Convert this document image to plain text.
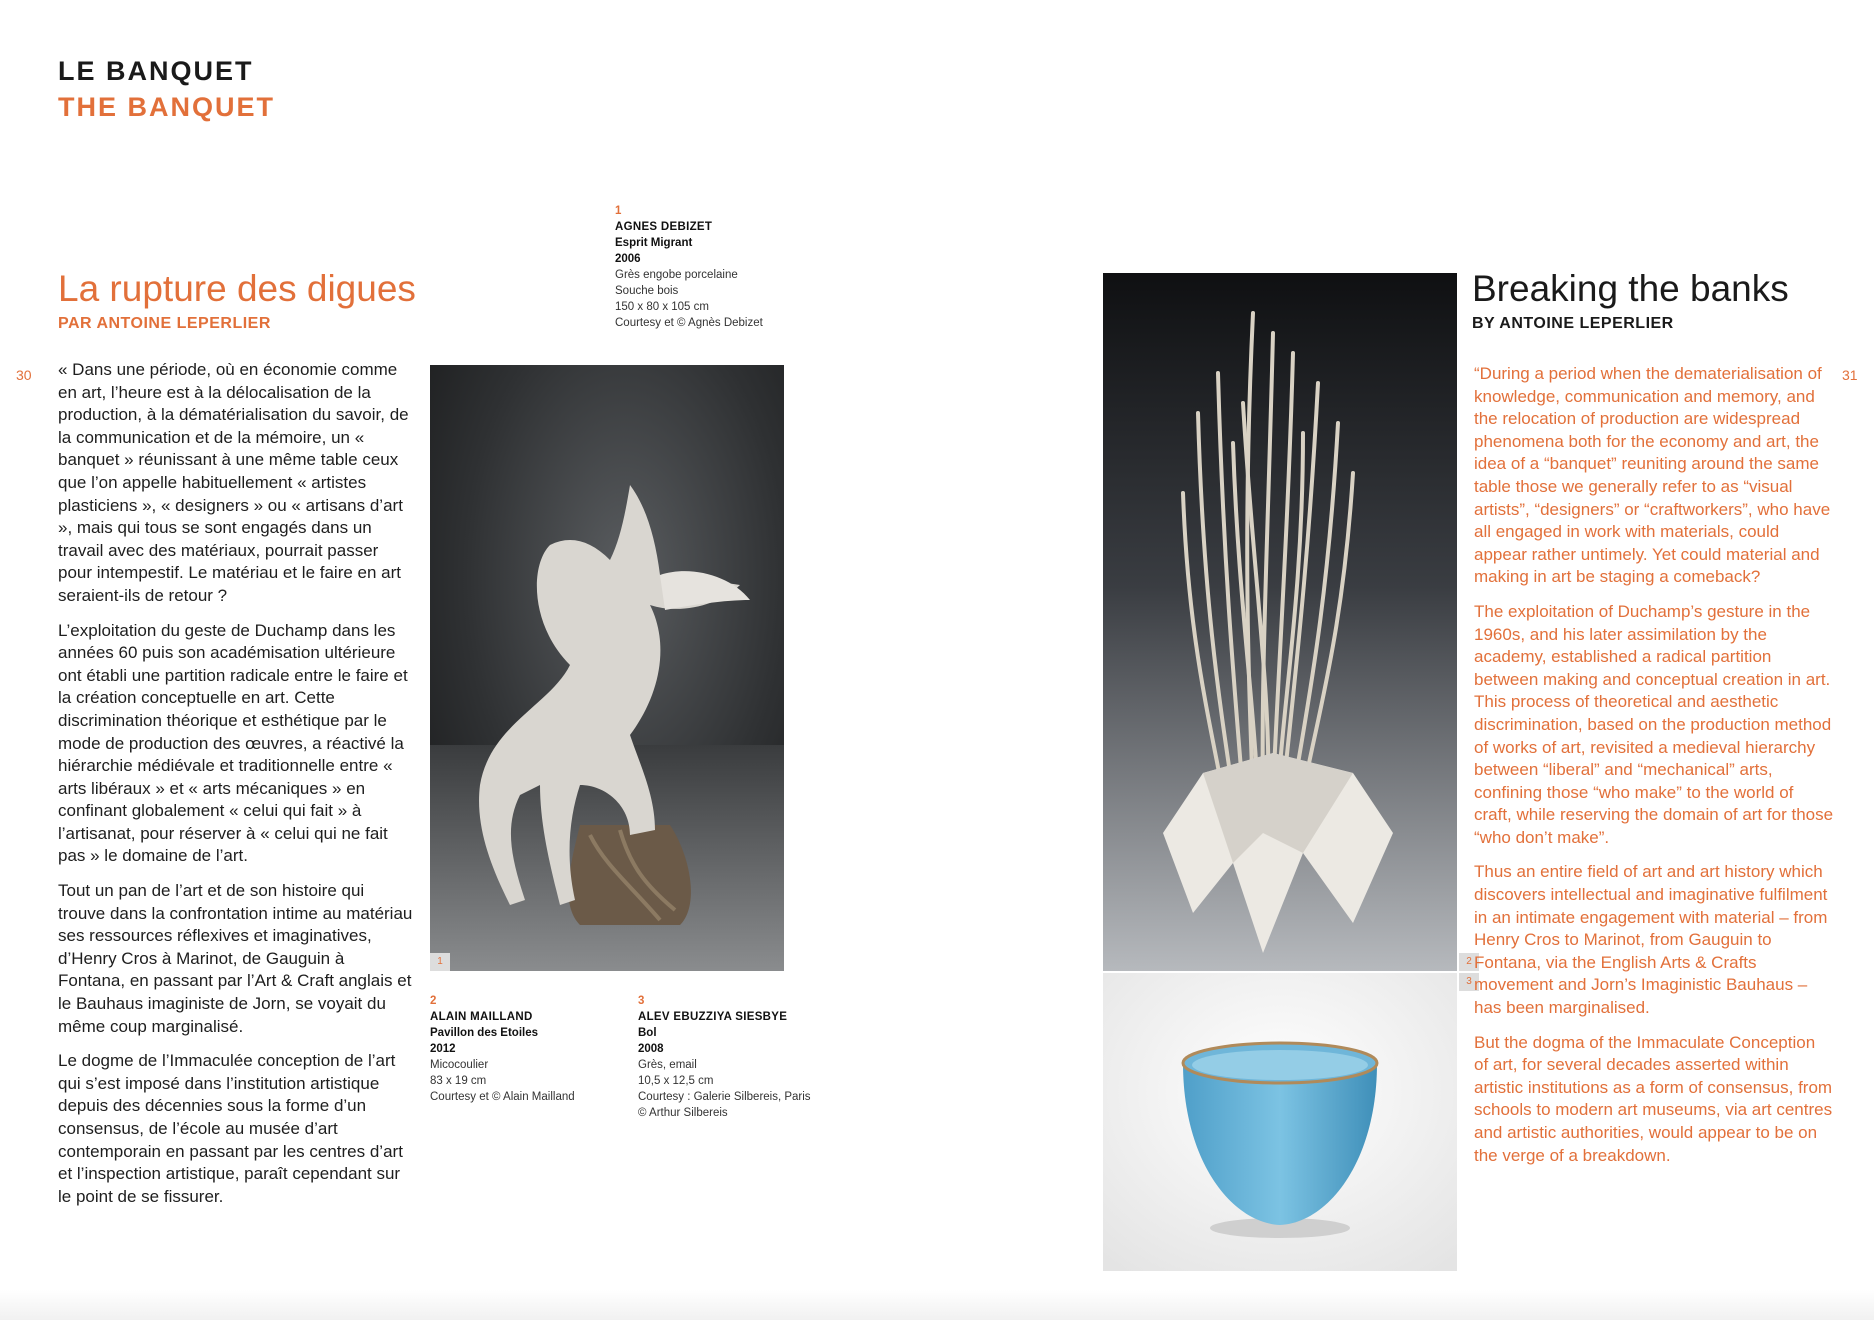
LE BANQUET
THE BANQUET
30	31
La rupture des digues
PAR ANTOINE LEPERLIER

« Dans une période, où en économie comme en art, l’heure est à la délocalisation de la production, à la dématérialisation du savoir, de la communication et de la mémoire, un « banquet » réunissant à une même table ceux que l’on appelle habituellement « artistes plasticiens », « designers » ou « artisans d’art », mais qui tous se sont engagés dans un travail avec des matériaux, pourrait passer pour intempestif. Le matériau et le faire en art seraient-ils de retour ?

L’exploitation du geste de Duchamp dans les années 60 puis son académisation ultérieure ont établi une partition radicale entre le faire et la création conceptuelle en art. Cette discrimination théorique et esthétique par le mode de production des œuvres, a réactivé la hiérarchie médiévale et traditionnelle entre « arts libéraux » et « arts mécaniques » en confinant globalement « celui qui fait » à l’artisanat, pour réserver à « celui qui ne fait pas » le domaine de l’art.

Tout un pan de l’art et de son histoire qui trouve dans la confrontation intime au matériau ses ressources réflexives et imaginatives, d’Henry Cros à Marinot, de Gauguin à Fontana, en passant par l’Art & Craft anglais et le Bauhaus imaginiste de Jorn, se voyait du même coup marginalisé.

Le dogme de l’Immaculée conception de l’art qui s’est imposé dans l’institution artistique depuis des décennies sous la forme d’un consensus, de l’école au musée d’art contemporain en passant par les centres d’art et l’inspection artistique, paraît cependant sur le point de se fissurer.

1
AGNES DEBIZET
Esprit Migrant
2006
Grès engobe porcelaine
Souche bois
150 x 80 x 105 cm
Courtesy et © Agnès Debizet
1
2
ALAIN MAILLAND
Pavillon des Etoiles
2012
Micocoulier
83 x 19 cm
Courtesy et © Alain Mailland
3
ALEV EBUZZIYA SIESBYE
Bol
2008
Grès, email
10,5 x 12,5 cm
Courtesy : Galerie Silbereis, Paris
© Arthur Silbereis
2
3
Breaking the banks
BY ANTOINE LEPERLIER

“During a period when the dematerialisation of knowledge, communication and memory, and the relocation of production are widespread phenomena both for the economy and art, the idea of a “banquet” reuniting around the same table those we generally refer to as “visual artists”, “designers” or “craftworkers”, who have all engaged in work with materials, could appear rather untimely. Yet could material and making in art be staging a comeback?

The exploitation of Duchamp’s gesture in the 1960s, and his later assimilation by the academy, established a radical partition between making and conceptual creation in art. This process of theoretical and aesthetic discrimination, based on the production method of works of art, revisited a medieval hierarchy between “liberal” and “mechanical” arts, confining those “who make” to the world of craft, while reserving the domain of art for those “who don’t make”.

Thus an entire field of art and art history which discovers intellectual and imaginative fulfilment in an intimate engagement with material – from Henry Cros to Marinot, from Gauguin to Fontana, via the English Arts & Crafts movement and Jorn’s Imaginistic Bauhaus – has been marginalised.

But the dogma of the Immaculate Conception of art, for several decades asserted within artistic institutions as a form of consensus, from schools to modern art museums, via art centres and artistic authorities, would appear to be on the verge of a breakdown.
